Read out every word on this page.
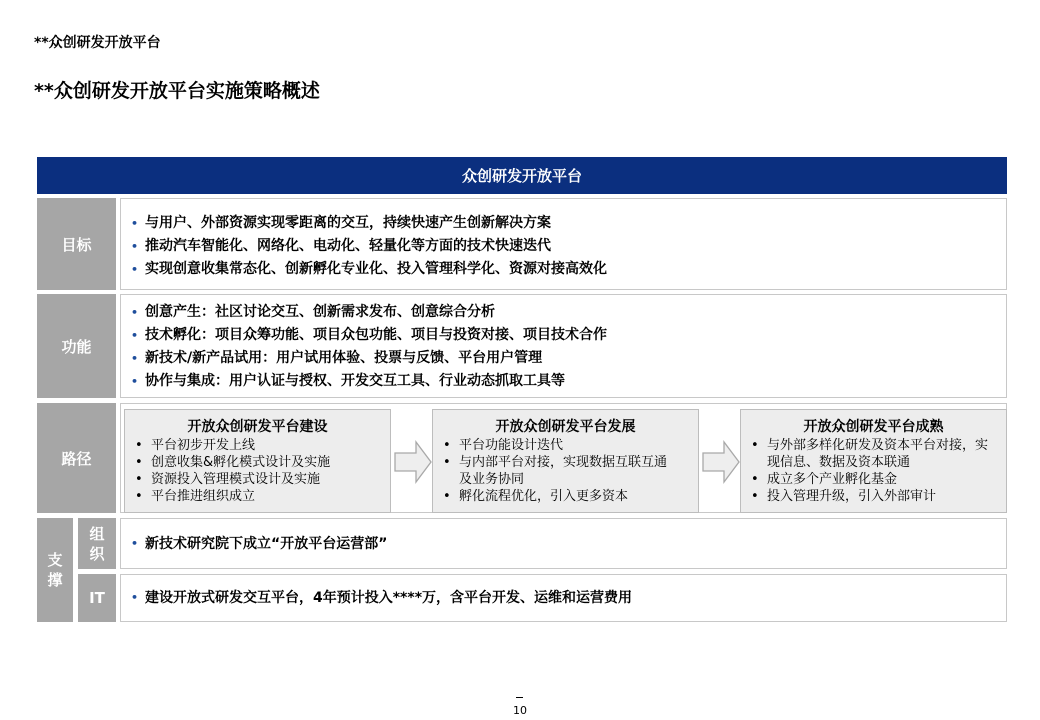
**众创研发开放平台
**众创研发开放平台实施策略概述
众创研发开放平台
目标
• 与用户、外部资源实现零距离的交互，持续快速产生创新解决方案
• 推动汽车智能化、网络化、电动化、轻量化等方面的技术快速迭代
• 实现创意收集常态化、创新孵化专业化、投入管理科学化、资源对接高效化
功能
• 创意产生：社区讨论交互、创新需求发布、创意综合分析
• 技术孵化：项目众筹功能、项目众包功能、项目与投资对接、项目技术合作
• 新技术/新产品试用：用户试用体验、投票与反馈、平台用户管理
• 协作与集成：用户认证与授权、开发交互工具、行业动态抓取工具等
路径
开放众创研发平台建设
• 平台初步开发上线
• 创意收集&孵化模式设计及实施
• 资源投入管理模式设计及实施
• 平台推进组织成立
开放众创研发平台发展
• 平台功能设计迭代
• 与内部平台对接，实现数据互联互通及业务协同
• 孵化流程优化，引入更多资本
开放众创研发平台成熟
• 与外部多样化研发及资本平台对接，实现信息、数据及资本联通
• 成立多个产业孵化基金
• 投入管理升级，引入外部审计
支撑
组织
• 新技术研究院下成立“开放平台运营部”
IT
•	建设开放式研发交互平台，4年预计投入****万，含平台开发、运维和运营费用
10
